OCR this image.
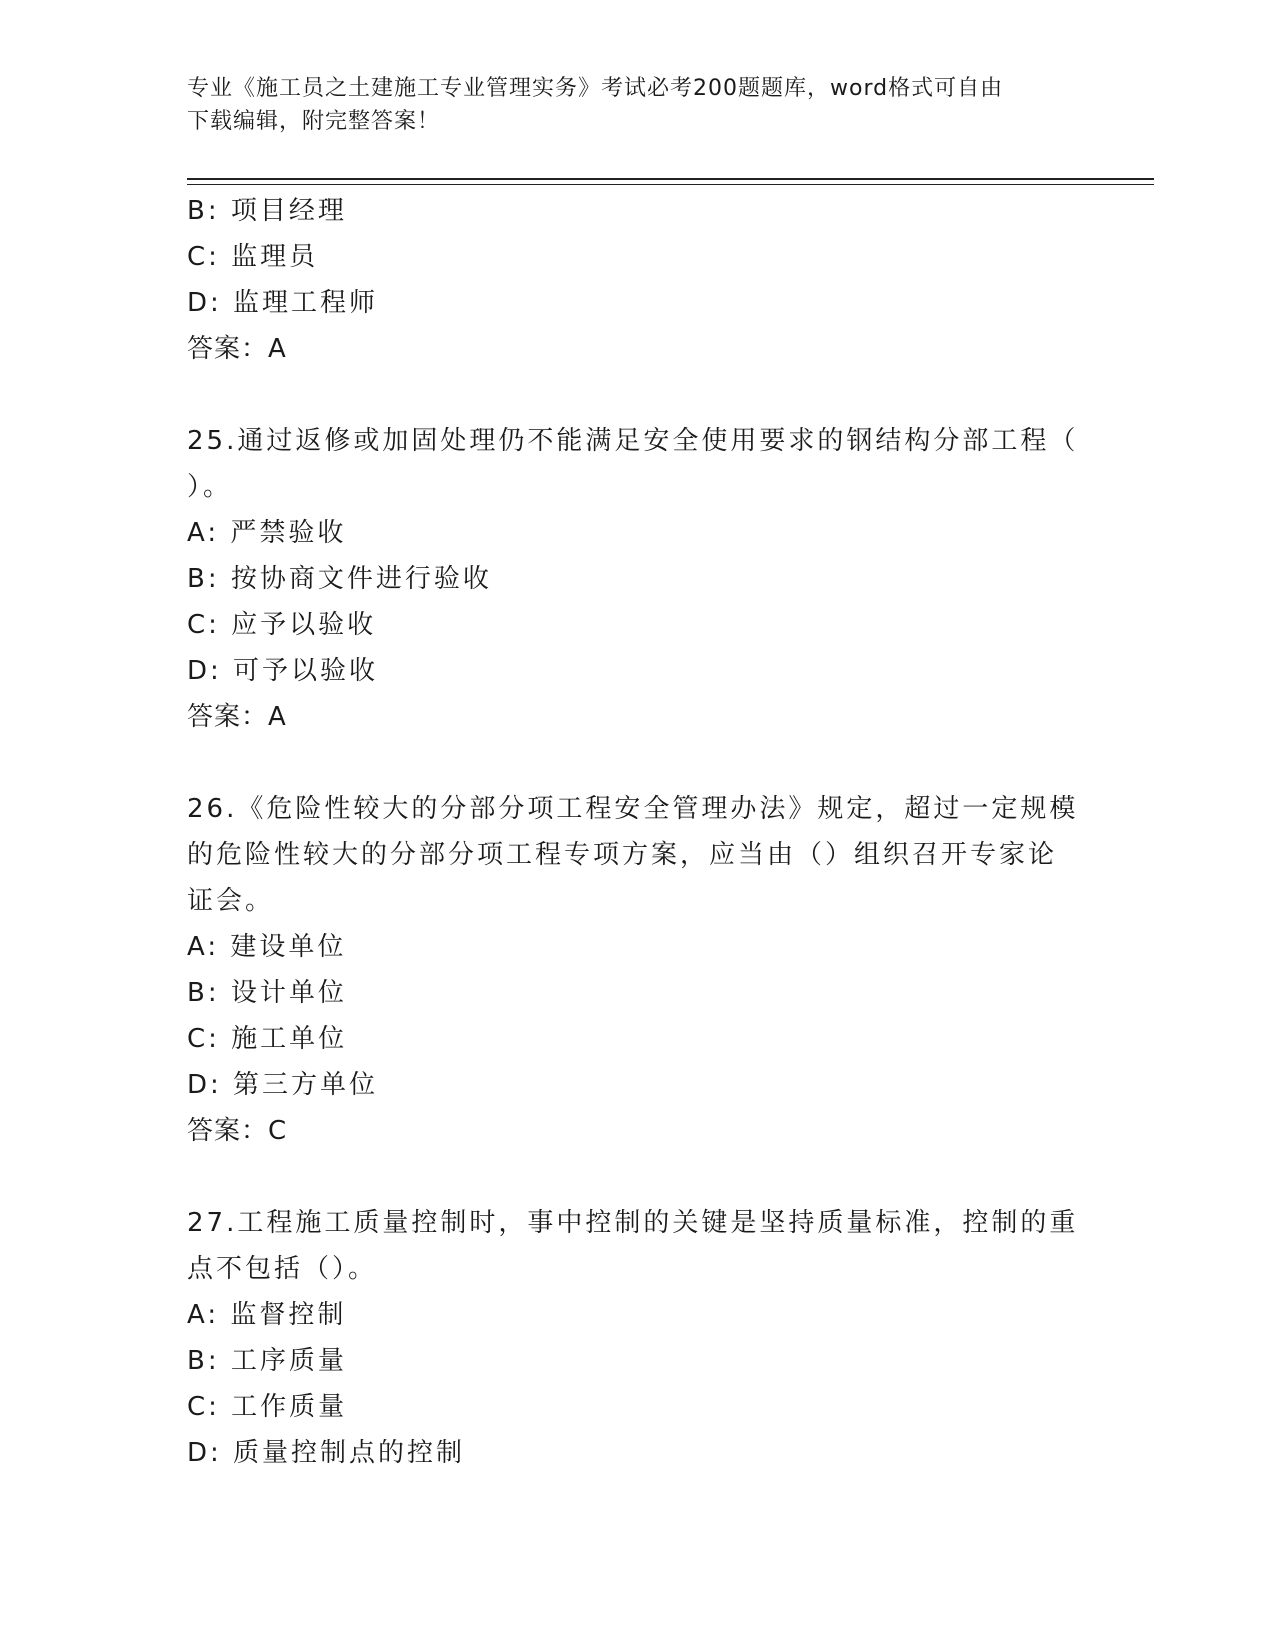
专业《施工员之土建施工专业管理实务》考试必考200题题库，word格式可自由
下载编辑，附完整答案！
B: 项目经理
C: 监理员
D: 监理工程师
答案：A
25.通过返修或加固处理仍不能满足安全使用要求的钢结构分部工程（
）。
A: 严禁验收
B: 按协商文件进行验收
C: 应予以验收
D: 可予以验收
答案：A
26.《危险性较大的分部分项工程安全管理办法》规定，超过一定规模
的危险性较大的分部分项工程专项方案，应当由（）组织召开专家论
证会。
A: 建设单位
B: 设计单位
C: 施工单位
D: 第三方单位
答案：C
27.工程施工质量控制时，事中控制的关键是坚持质量标准，控制的重
点不包括（）。
A: 监督控制
B: 工序质量
C: 工作质量
D: 质量控制点的控制
